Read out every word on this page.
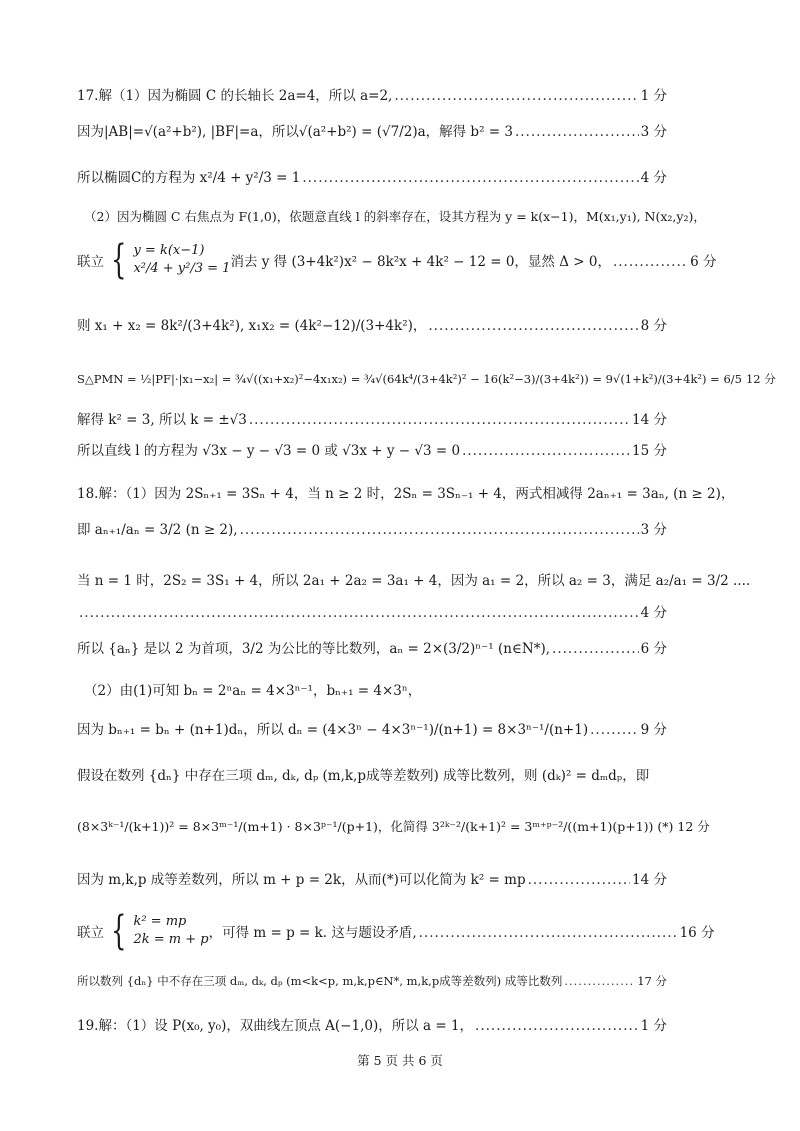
17.解（1）因为椭圆 C 的长轴长 2a=4，所以 a=2, .....	1 分
因为|AB|=√(a²+b²), |BF|=a，所以√(a²+b²) = (√7/2)a，解得 b² = 3 .....	3 分
所以椭圆C的方程为 x²/4 + y²/3 = 1 .....	4 分
（2）因为椭圆 C 右焦点为 F(1,0)，依题意直线 l 的斜率存在，设其方程为 y = k(x−1)，M(x₁,y₁), N(x₂,y₂)，
联立 { y = k(x−1)
x²/4 + y²/3 = 1 消去 y 得 (3+4k²)x² − 8k²x + 4k² − 12 = 0，显然 Δ > 0， .....	6 分
则 x₁ + x₂ = 8k²/(3+4k²), x₁x₂ = (4k²−12)/(3+4k²)， .....	8 分
S△PMN = ½|PF|·|x₁−x₂| = ¾√((x₁+x₂)²−4x₁x₂) = ¾√(64k⁴/(3+4k²)² − 16(k²−3)/(3+4k²)) = 9√(1+k²)/(3+4k²) = 6/5 12 分
解得 k² = 3, 所以 k = ±√3 .....	14 分
所以直线 l 的方程为 √3x − y − √3 = 0 或 √3x + y − √3 = 0 .....	15 分
18.解：（1）因为 2Sₙ₊₁ = 3Sₙ + 4，当 n ≥ 2 时，2Sₙ = 3Sₙ₋₁ + 4，两式相减得 2aₙ₊₁ = 3aₙ, (n ≥ 2)，
即 aₙ₊₁/aₙ = 3/2 (n ≥ 2), .....	3 分
当 n = 1 时，2S₂ = 3S₁ + 4，所以 2a₁ + 2a₂ = 3a₁ + 4，因为 a₁ = 2，所以 a₂ = 3，满足 a₂/a₁ = 3/2 ....
.....
4 分
所以 {aₙ} 是以 2 为首项，3/2 为公比的等比数列，aₙ = 2×(3/2)ⁿ⁻¹ (n∈N*), .....	6 分
（2）由(1)可知 bₙ = 2ⁿaₙ = 4×3ⁿ⁻¹，bₙ₊₁ = 4×3ⁿ，
因为 bₙ₊₁ = bₙ + (n+1)dₙ，所以 dₙ = (4×3ⁿ − 4×3ⁿ⁻¹)/(n+1) = 8×3ⁿ⁻¹/(n+1) .....	9 分
假设在数列 {dₙ} 中存在三项 dₘ, dₖ, dₚ (m,k,p成等差数列) 成等比数列，则 (dₖ)² = dₘdₚ，即
(8×3ᵏ⁻¹/(k+1))² = 8×3ᵐ⁻¹/(m+1) · 8×3ᵖ⁻¹/(p+1)，化简得 3²ᵏ⁻²/(k+1)² = 3ᵐ⁺ᵖ⁻²/((m+1)(p+1)) (*) 12 分
因为 m,k,p 成等差数列，所以 m + p = 2k，从而(*)可以化简为 k² = mp .....	14 分
联立 { k² = mp
2k = m + p ，可得 m = p = k. 这与题设矛盾, .....	16 分
所以数列 {dₙ} 中不存在三项 dₘ, dₖ, dₚ (m<k<p, m,k,p∈N*, m,k,p成等差数列) 成等比数列 .....	17 分
19.解：（1）设 P(x₀, y₀)，双曲线左顶点 A(−1,0)，所以 a = 1， .....	1 分
第 5 页 共 6 页
